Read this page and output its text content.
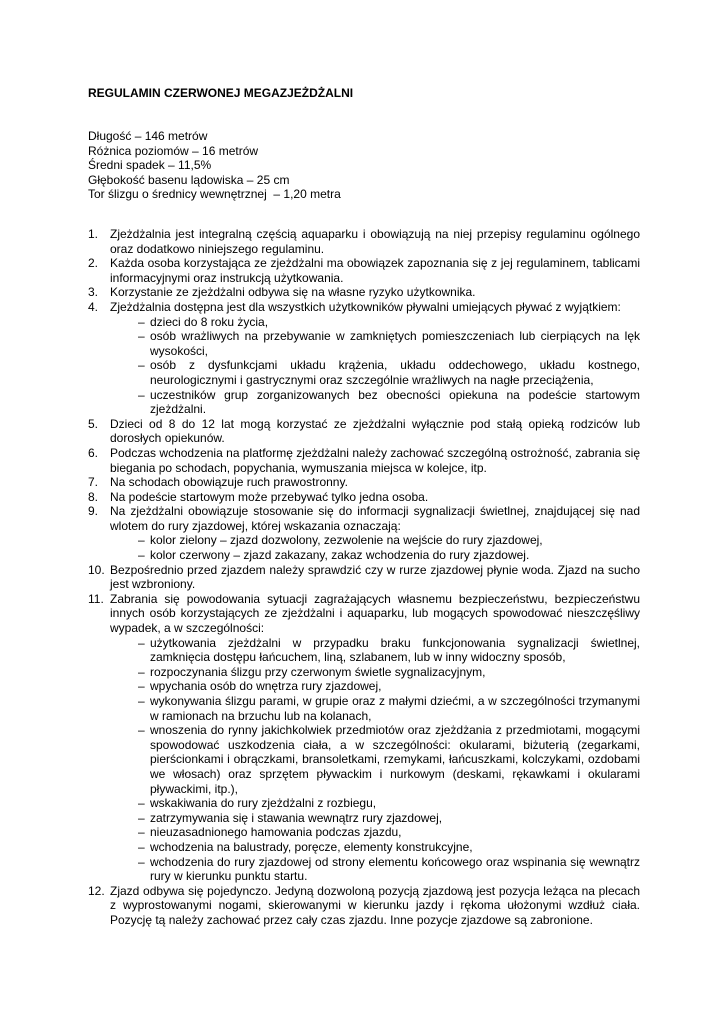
REGULAMIN CZERWONEJ MEGAZJEŻDŻALNI
Długość – 146 metrów
Różnica poziomów – 16 metrów
Średni spadek – 11,5%
Głębokość basenu lądowiska – 25 cm
Tor ślizgu o średnicy wewnętrznej  – 1,20 metra
1. Zjeżdżalnia jest integralną częścią aquaparku i obowiązują na niej przepisy regulaminu ogólnego oraz dodatkowo niniejszego regulaminu.
2. Każda osoba korzystająca ze zjeżdżalni ma obowiązek zapoznania się z jej regulaminem, tablicami informacyjnymi oraz instrukcją użytkowania.
3. Korzystanie ze zjeżdżalni odbywa się na własne ryzyko użytkownika.
4. Zjeżdżalnia dostępna jest dla wszystkich użytkowników pływalni umiejących pływać z wyjątkiem:
– dzieci do 8 roku życia,
– osób wrażliwych na przebywanie w zamkniętych pomieszczeniach lub cierpiących na lęk wysokości,
– osób z dysfunkcjami układu krążenia, układu oddechowego, układu kostnego, neurologicznymi i gastrycznymi oraz szczególnie wrażliwych na nagłe przeciążenia,
– uczestników grup zorganizowanych bez obecności opiekuna na podeście startowym zjeżdżalni.
5. Dzieci od 8 do 12 lat mogą korzystać ze zjeżdżalni wyłącznie pod stałą opieką rodziców lub dorosłych opiekunów.
6. Podczas wchodzenia na platformę zjeżdżalni należy zachować szczególną ostrożność, zabrania się biegania po schodach, popychania, wymuszania miejsca w kolejce, itp.
7. Na schodach obowiązuje ruch prawostronny.
8. Na podeście startowym może przebywać tylko jedna osoba.
9. Na zjeżdżalni obowiązuje stosowanie się do informacji sygnalizacji świetlnej, znajdującej się nad wlotem do rury zjazdowej, której wskazania oznaczają:
– kolor zielony – zjazd dozwolony, zezwolenie na wejście do rury zjazdowej,
– kolor czerwony – zjazd zakazany, zakaz wchodzenia do rury zjazdowej.
10. Bezpośrednio przed zjazdem należy sprawdzić czy w rurze zjazdowej płynie woda. Zjazd na sucho jest wzbroniony.
11. Zabrania się powodowania sytuacji zagrażających własnemu bezpieczeństwu, bezpieczeństwu innych osób korzystających ze zjeżdżalni i aquaparku, lub mogących spowodować nieszczęśliwy wypadek, a w szczególności:
– użytkowania zjeżdżalni w przypadku braku funkcjonowania sygnalizacji świetlnej, zamknięcia dostępu łańcuchem, liną, szlabanem, lub w inny widoczny sposób,
– rozpoczynania ślizgu przy czerwonym świetle sygnalizacyjnym,
– wpychania osób do wnętrza rury zjazdowej,
– wykonywania ślizgu parami, w grupie oraz z małymi dziećmi, a w szczególności trzymanymi w ramionach na brzuchu lub na kolanach,
– wnoszenia do rynny jakichkolwiek przedmiotów oraz zjeżdżania z przedmiotami, mogącymi spowodować uszkodzenia ciała, a w szczególności: okularami, biżuterią (zegarkami, pierścionkami i obrączkami, bransoletkami, rzemykami, łańcuszkami, kolczykami, ozdobami we włosach) oraz sprzętem pływackim i nurkowym (deskami, rękawkami i okularami pływackimi, itp.),
– wskakiwania do rury zjeżdżalni z rozbiegu,
– zatrzymywania się i stawania wewnątrz rury zjazdowej,
– nieuzasadnionego hamowania podczas zjazdu,
– wchodzenia na balustrady, poręcze, elementy konstrukcyjne,
– wchodzenia do rury zjazdowej od strony elementu końcowego oraz wspinania się wewnątrz rury w kierunku punktu startu.
12. Zjazd odbywa się pojedynczo. Jedyną dozwoloną pozycją zjazdową jest pozycja leżąca na plecach z wyprostowanymi nogami, skierowanymi w kierunku jazdy i rękoma ułożonymi wzdłuż ciała. Pozycję tą należy zachować przez cały czas zjazdu. Inne pozycje zjazdowe są zabronione.
